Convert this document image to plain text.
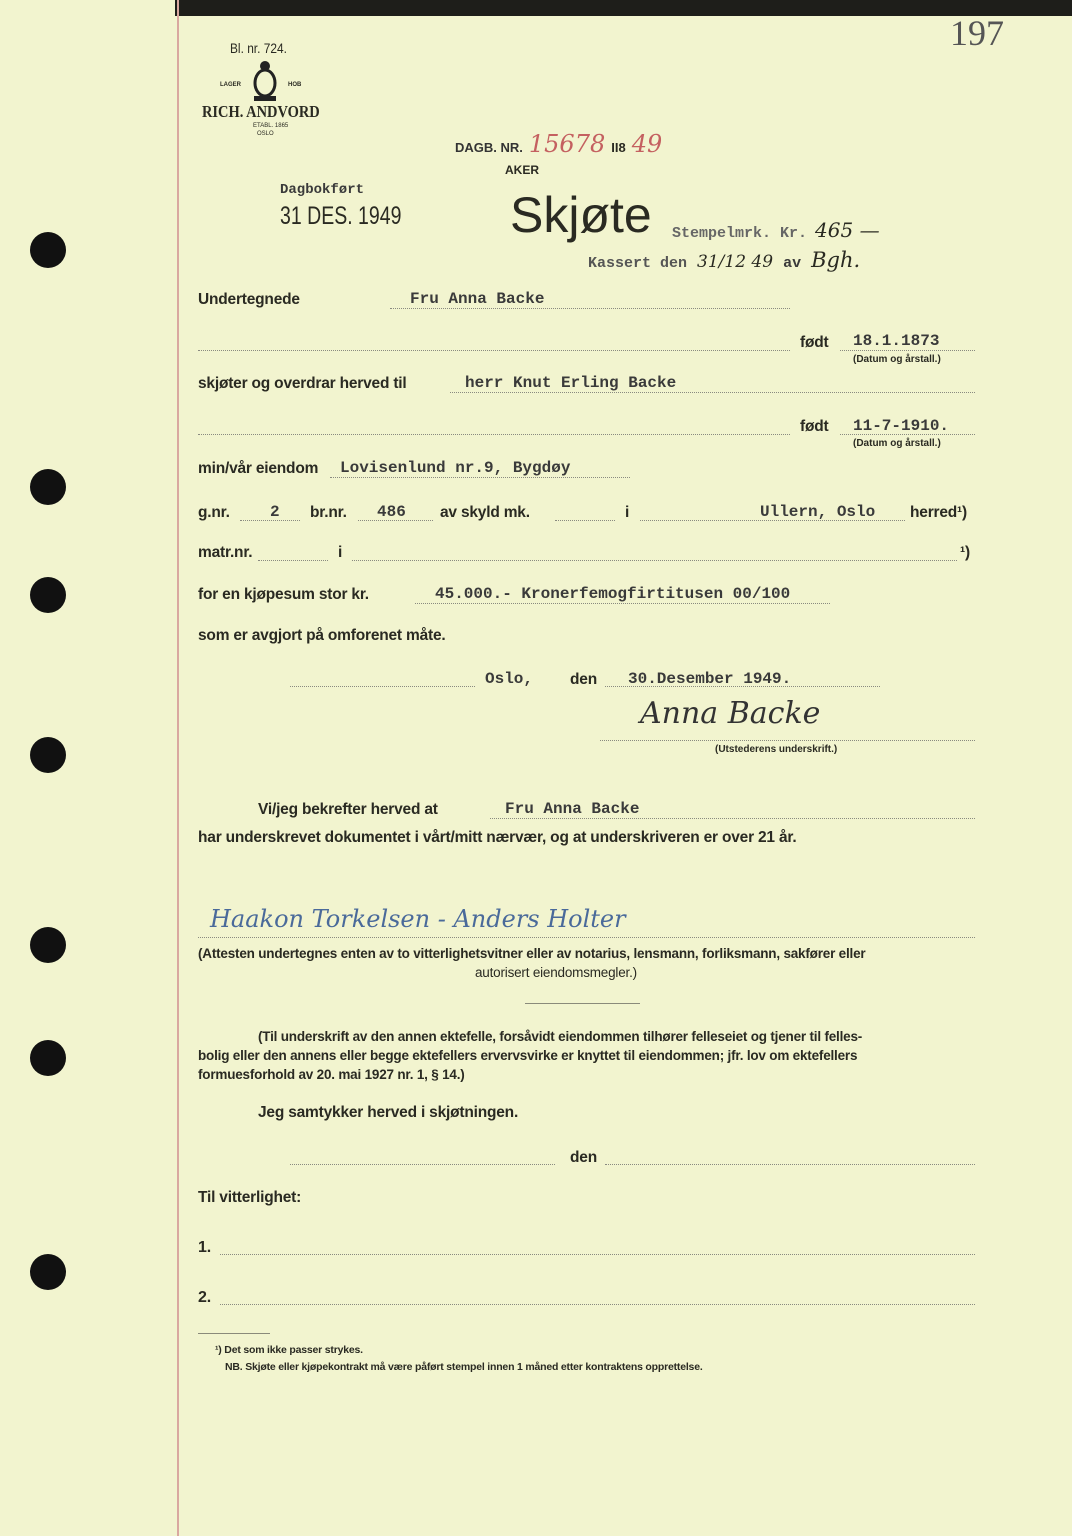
Bl. nr. 724.
LAGER	HOB
RICH. ANDVORD
ETABL. 1865
OSLO
197
DAGB. NR. 15678 II8 49
AKER
Dagbokført
31 DES. 1949 Skjøte Stempelmrk. Kr. 465 —
Kassert den 31/12 49 av Bgh.
Undertegnede	Fru Anna Backe
født 18.1.1873
(Datum og årstall.)
skjøter og overdrar herved til	herr Knut Erling Backe
født 11-7-1910.
(Datum og årstall.)
min/vår eiendom Lovisenlund nr.9, Bygdøy
g.nr.	2 br.nr. 486 av skyld mk.	i	Ullern, Oslo herred¹)
matr.nr.	i	¹)
for en kjøpesum stor kr.	45.000.- Kronerfemogfirtitusen 00/100
som er avgjort på omforenet måte.
Oslo, den 30.Desember 1949.
Anna Backe
(Utstederens underskrift.)
Vi/jeg bekrefter herved at	Fru Anna Backe
har underskrevet dokumentet i vårt/mitt nærvær, og at underskriveren er over 21 år.
Haakon Torkelsen - Anders Holter
(Attesten undertegnes enten av to vitterlighetsvitner eller av notarius, lensmann, forliksmann, sakfører eller
autorisert eiendomsmegler.)
(Til underskrift av den annen ektefelle, forsåvidt eiendommen tilhører felleseiet og tjener til felles-
bolig eller den annens eller begge ektefellers ervervsvirke er knyttet til eiendommen; jfr. lov om ektefellers
formuesforhold av 20. mai 1927 nr. 1, § 14.)
Jeg samtykker herved i skjøtningen.
den
Til vitterlighet:
1.
2.
¹) Det som ikke passer strykes.
NB. Skjøte eller kjøpekontrakt må være påført stempel innen 1 måned etter kontraktens opprettelse.
